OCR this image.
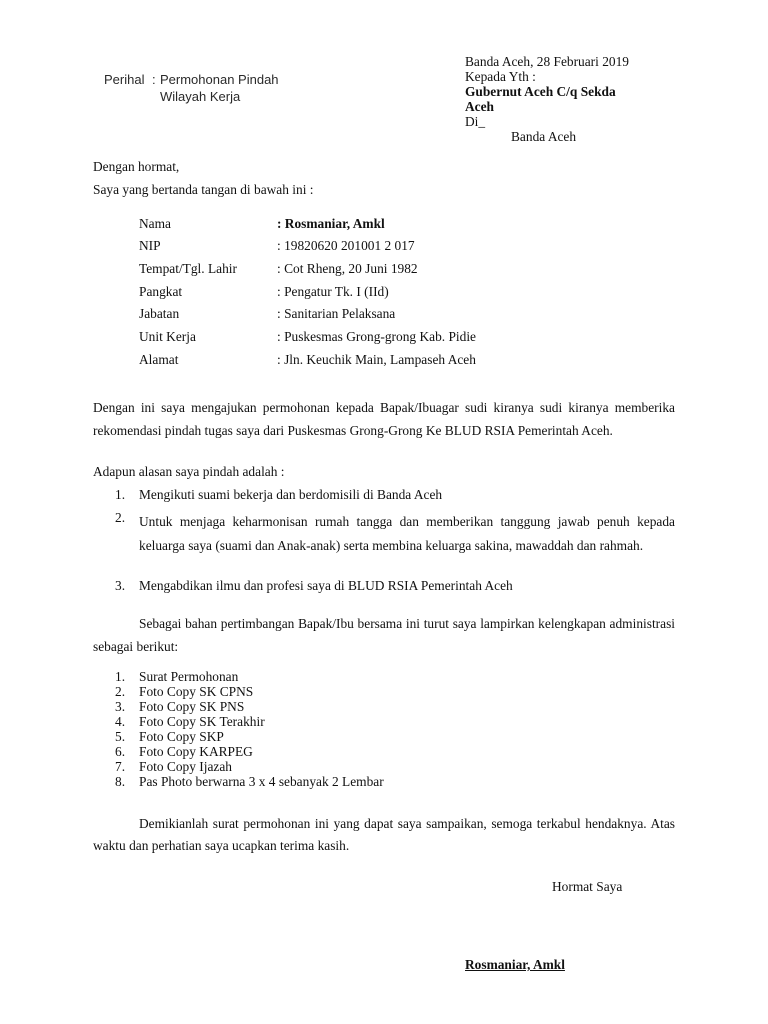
Banda Aceh, 28 Februari 2019
Kepada Yth :
Gubernut Aceh C/q Sekda
Aceh
Di_
Banda Aceh
Perihal : Permohonan Pindah
Wilayah Kerja
Dengan hormat,
Saya yang bertanda tangan di bawah ini :
Nama	: Rosmaniar, Amkl
NIP	: 19820620 201001 2 017
Tempat/Tgl. Lahir	: Cot Rheng, 20 Juni 1982
Pangkat	: Pengatur Tk. I (IId)
Jabatan	: Sanitarian Pelaksana
Unit Kerja	: Puskesmas Grong-grong Kab. Pidie
Alamat	: Jln. Keuchik Main, Lampaseh Aceh
Dengan ini saya mengajukan permohonan kepada Bapak/Ibuagar sudi kiranya sudi kiranya memberika rekomendasi pindah tugas saya dari Puskesmas Grong-Grong Ke BLUD RSIA Pemerintah Aceh.
Adapun alasan saya pindah adalah :
1. Mengikuti suami bekerja dan berdomisili di Banda Aceh
2. Untuk menjaga keharmonisan rumah tangga dan memberikan tanggung jawab penuh kepada keluarga saya (suami dan Anak-anak) serta membina keluarga sakina, mawaddah dan rahmah.
3. Mengabdikan ilmu dan profesi saya di BLUD RSIA Pemerintah Aceh
Sebagai bahan pertimbangan Bapak/Ibu bersama ini turut saya lampirkan kelengkapan administrasi sebagai berikut:
1. Surat Permohonan
2. Foto Copy SK CPNS
3. Foto Copy SK PNS
4. Foto Copy SK Terakhir
5. Foto Copy SKP
6. Foto Copy KARPEG
7. Foto Copy Ijazah
8. Pas Photo berwarna 3 x 4 sebanyak 2 Lembar
Demikianlah surat permohonan ini yang dapat saya sampaikan, semoga terkabul hendaknya. Atas waktu dan perhatian saya ucapkan terima kasih.
Hormat Saya
Rosmaniar, Amkl
